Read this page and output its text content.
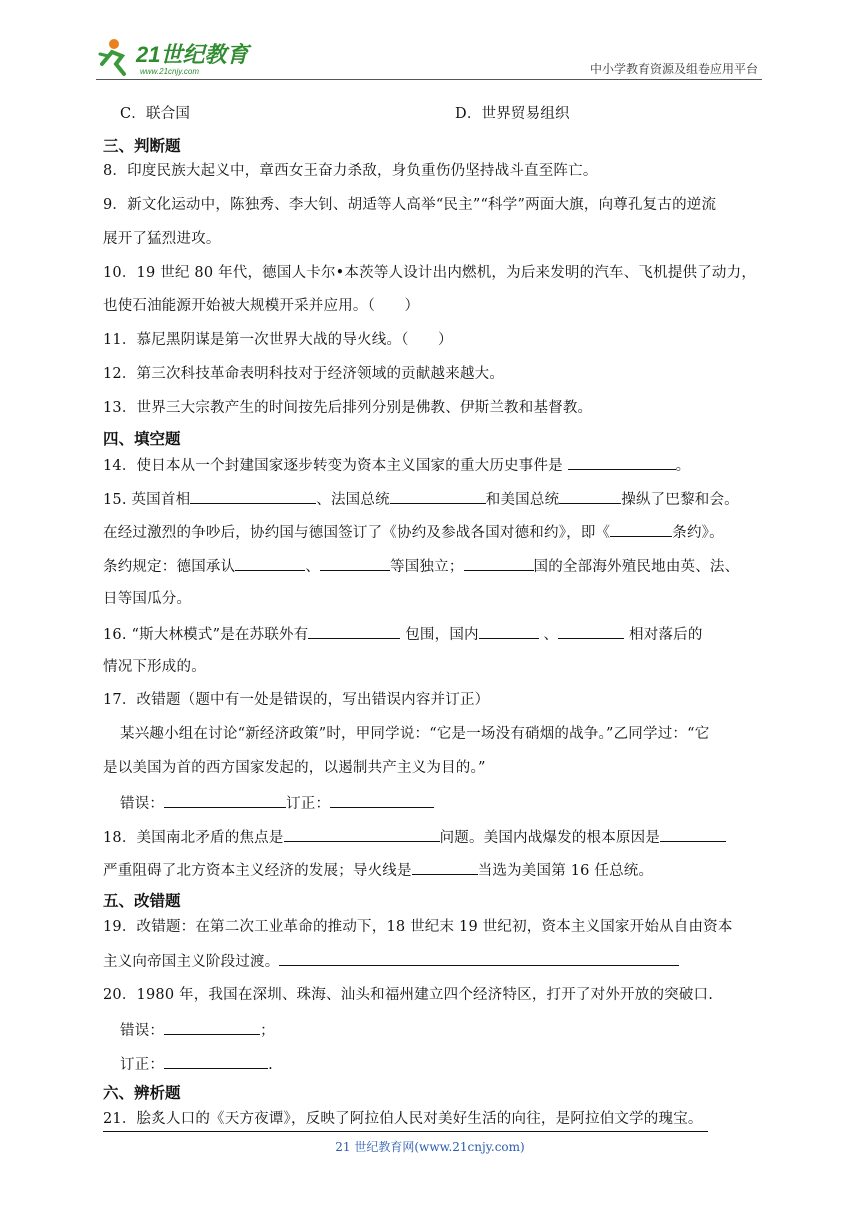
21世纪教育
www.21cnjy.com	中小学教育资源及组卷应用平台
C．联合国	D．世界贸易组织
三、判断题
8．印度民族大起义中，章西女王奋力杀敌，身负重伤仍坚持战斗直至阵亡。
9．新文化运动中，陈独秀、李大钊、胡适等人高举“民主”“科学”两面大旗，向尊孔复古的逆流
展开了猛烈进攻。
10．19 世纪 80 年代，德国人卡尔•本茨等人设计出内燃机，为后来发明的汽车、飞机提供了动力，
也使石油能源开始被大规模开采并应用。（　　）
11．慕尼黑阴谋是第一次世界大战的导火线。（　　）
12．第三次科技革命表明科技对于经济领域的贡献越来越大。
13．世界三大宗教产生的时间按先后排列分别是佛教、伊斯兰教和基督教。
四、填空题
14．使日本从一个封建国家逐步转变为资本主义国家的重大历史事件是	。
15. 英国首相	、法国总统	和美国总统	操纵了巴黎和会。
在经过激烈的争吵后，协约国与德国签订了《协约及参战各国对德和约》，即《	条约》。
条约规定：德国承认	、	等国独立；	国的全部海外殖民地由英、法、
日等国瓜分。
16. “斯大林模式”是在苏联外有	包围，国内	、	相对落后的
情况下形成的。
17．改错题（题中有一处是错误的，写出错误内容并订正）
某兴趣小组在讨论“新经济政策”时，甲同学说：“它是一场没有硝烟的战争。”乙同学过：“它
是以美国为首的西方国家发起的，以遏制共产主义为目的。”
错误：	订正：
18．美国南北矛盾的焦点是	问题。美国内战爆发的根本原因是
严重阻碍了北方资本主义经济的发展；导火线是	当选为美国第 16 任总统。
五、改错题
19．改错题：在第二次工业革命的推动下，18 世纪末 19 世纪初，资本主义国家开始从自由资本
主义向帝国主义阶段过渡。
20．1980 年，我国在深圳、珠海、汕头和福州建立四个经济特区，打开了对外开放的突破口.
错误：	；
订正：	.
六、辨析题
21．脍炙人口的《天方夜谭》，反映了阿拉伯人民对美好生活的向往，是阿拉伯文学的瑰宝。
21 世纪教育网(www.21cnjy.com)
